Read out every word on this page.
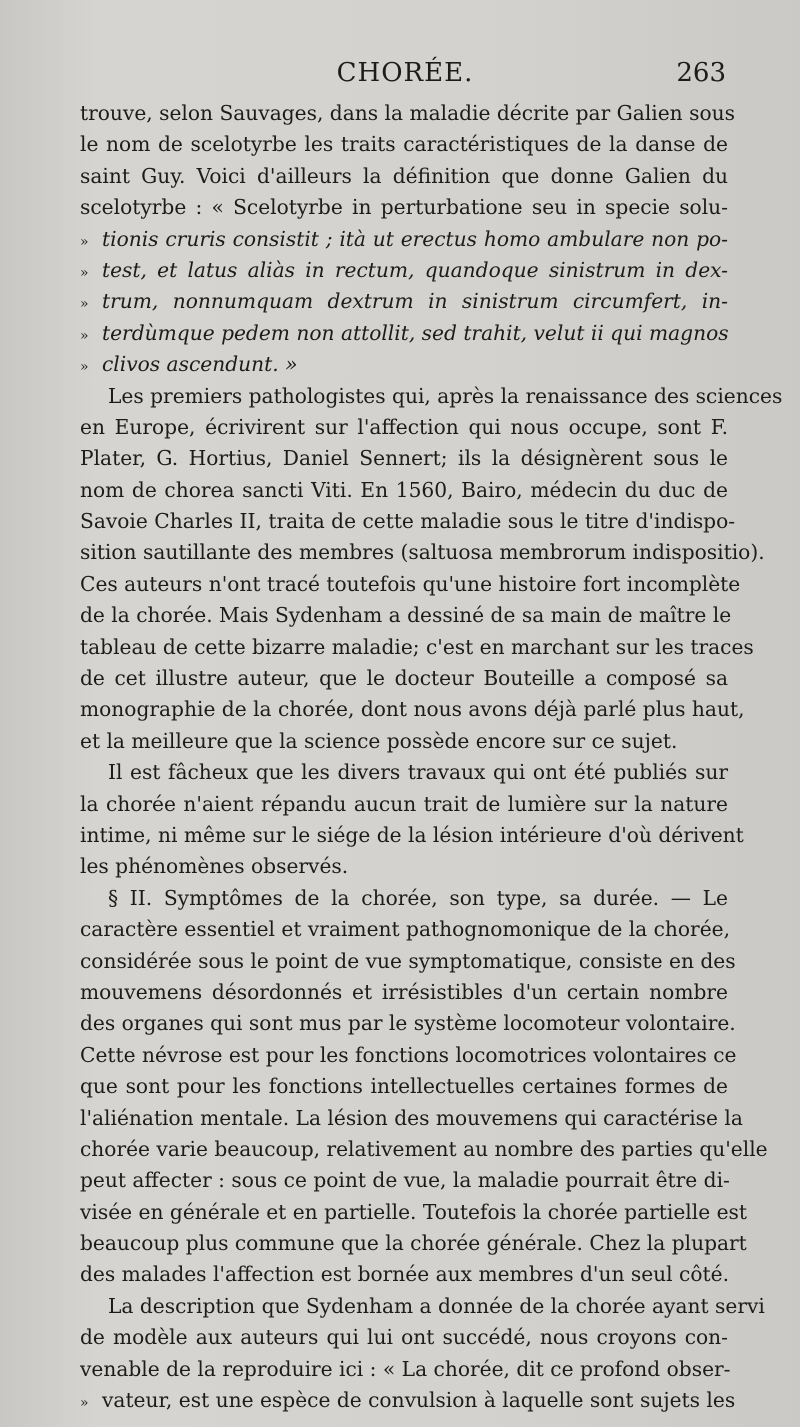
CHORÉE.	263
trouve, selon Sauvages, dans la maladie décrite par Galien sous
le nom de scelotyrbe les traits caractéristiques de la danse de
saint Guy. Voici d'ailleurs la définition que donne Galien du
scelotyrbe : « Scelotyrbe in perturbatione seu in specie solu-
» tionis cruris consistit ; ità ut erectus homo ambulare non po-
» test, et latus aliàs in rectum, quandoque sinistrum in dex-
» trum, nonnumquam dextrum in sinistrum circumfert, in-
» terdùmque pedem non attollit, sed trahit, velut ii qui magnos
» clivos ascendunt. »
Les premiers pathologistes qui, après la renaissance des sciences
en Europe, écrivirent sur l'affection qui nous occupe, sont F.
Plater, G. Hortius, Daniel Sennert; ils la désignèrent sous le
nom de chorea sancti Viti. En 1560, Bairo, médecin du duc de
Savoie Charles II, traita de cette maladie sous le titre d'indispo-
sition sautillante des membres (saltuosa membrorum indispositio).
Ces auteurs n'ont tracé toutefois qu'une histoire fort incomplète
de la chorée. Mais Sydenham a dessiné de sa main de maître le
tableau de cette bizarre maladie; c'est en marchant sur les traces
de cet illustre auteur, que le docteur Bouteille a composé sa
monographie de la chorée, dont nous avons déjà parlé plus haut,
et la meilleure que la science possède encore sur ce sujet.
Il est fâcheux que les divers travaux qui ont été publiés sur
la chorée n'aient répandu aucun trait de lumière sur la nature
intime, ni même sur le siége de la lésion intérieure d'où dérivent
les phénomènes observés.
§ II. Symptômes de la chorée, son type, sa durée. — Le
caractère essentiel et vraiment pathognomonique de la chorée,
considérée sous le point de vue symptomatique, consiste en des
mouvemens désordonnés et irrésistibles d'un certain nombre
des organes qui sont mus par le système locomoteur volontaire.
Cette névrose est pour les fonctions locomotrices volontaires ce
que sont pour les fonctions intellectuelles certaines formes de
l'aliénation mentale. La lésion des mouvemens qui caractérise la
chorée varie beaucoup, relativement au nombre des parties qu'elle
peut affecter : sous ce point de vue, la maladie pourrait être di-
visée en générale et en partielle. Toutefois la chorée partielle est
beaucoup plus commune que la chorée générale. Chez la plupart
des malades l'affection est bornée aux membres d'un seul côté.
La description que Sydenham a donnée de la chorée ayant servi
de modèle aux auteurs qui lui ont succédé, nous croyons con-
venable de la reproduire ici : « La chorée, dit ce profond obser-
» vateur, est une espèce de convulsion à laquelle sont sujets les
